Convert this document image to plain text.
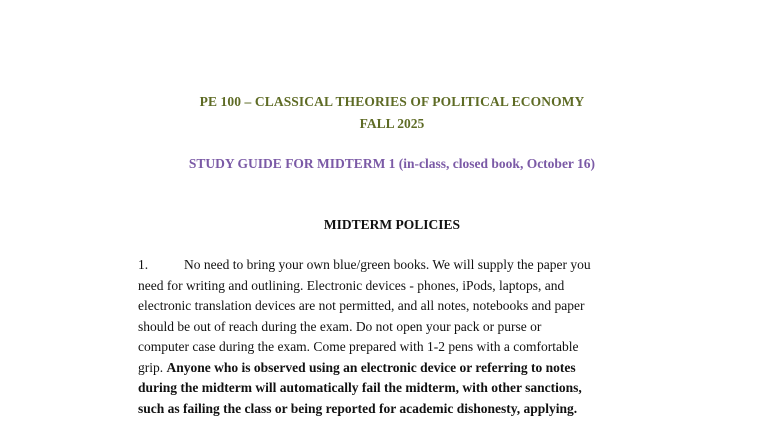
PE 100 – CLASSICAL THEORIES OF POLITICAL ECONOMY
FALL 2025
STUDY GUIDE FOR MIDTERM 1 (in-class, closed book, October 16)
MIDTERM POLICIES
1.	No need to bring your own blue/green books. We will supply the paper you
need for writing and outlining. Electronic devices - phones, iPods, laptops, and
electronic translation devices are not permitted, and all notes, notebooks and paper
should be out of reach during the exam. Do not open your pack or purse or
computer case during the exam. Come prepared with 1-2 pens with a comfortable
grip. Anyone who is observed using an electronic device or referring to notes
during the midterm will automatically fail the midterm, with other sanctions,
such as failing the class or being reported for academic dishonesty, applying.
